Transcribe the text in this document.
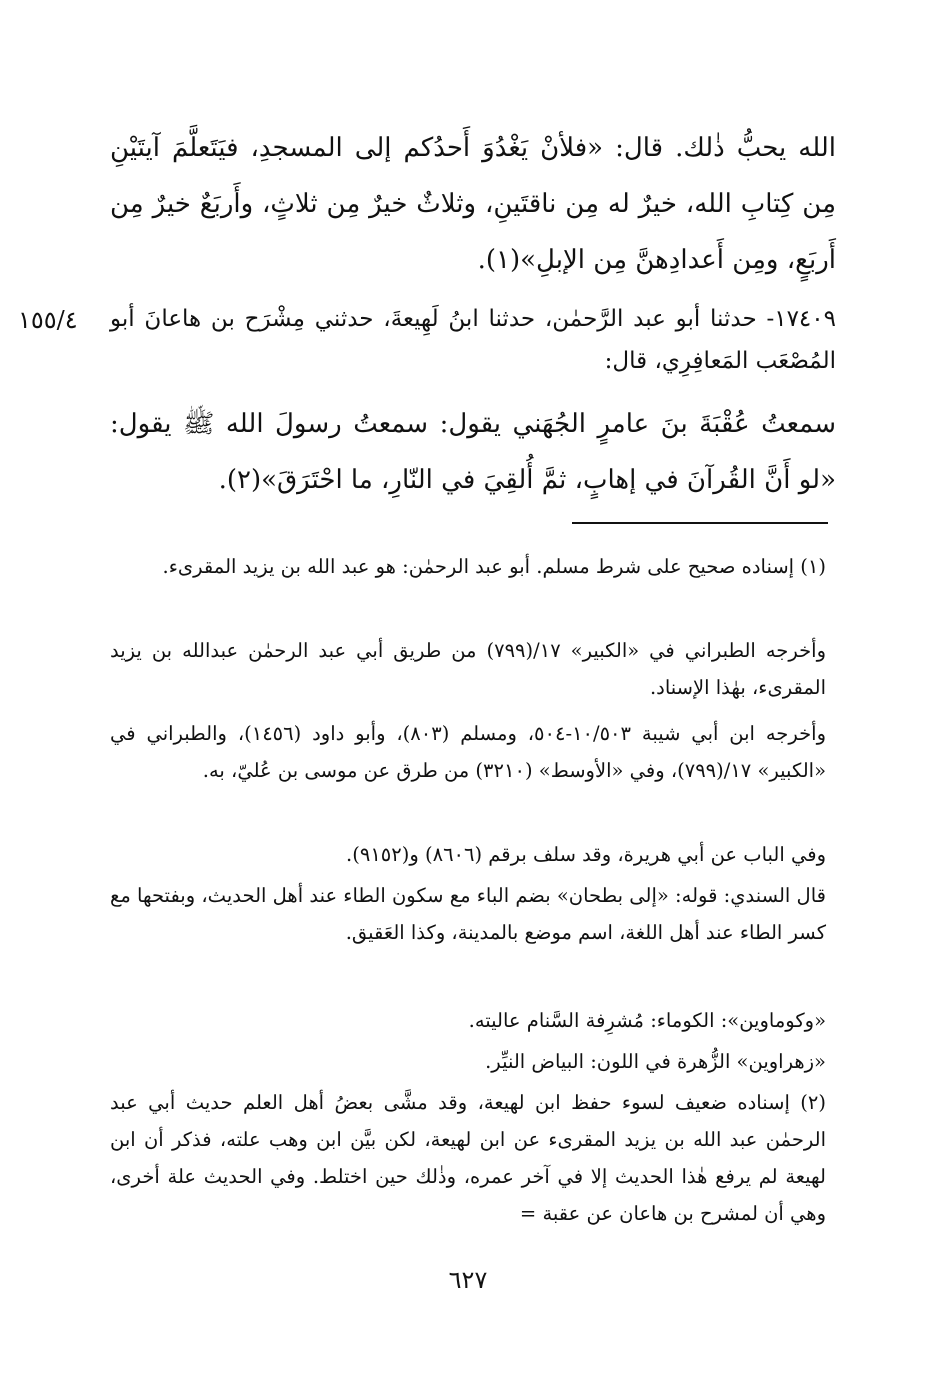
الله يحبُّ ذٰلك. قال: «فلأنْ يَغْدُوَ أَحدُكم إلى المسجدِ، فيَتَعلَّمَ آيتَيْنِ مِن كِتابِ الله، خيرٌ له مِن ناقتَينِ، وثلاثٌ خيرٌ مِن ثلاثٍ، وأَربَعٌ خيرٌ مِن أَربَعٍ، ومِن أَعدادِهنَّ مِن الإبلِ»(١).

١٥٥/٤	١٧٤٠٩- حدثنا أبو عبد الرَّحمٰن، حدثنا ابنُ لَهِيعةَ، حدثني مِشْرَح بن هاعانَ أبو المُصْعَب المَعافِرِي، قال:

سمعتُ عُقْبَةَ بنَ عامرٍ الجُهَني يقول: سمعتُ رسولَ الله ﷺ يقول: «لو أَنَّ القُرآنَ في إهابٍ، ثمَّ أُلقِيَ في النّارِ، ما احْتَرَقَ»(٢).

(١) إسناده صحيح على شرط مسلم. أبو عبد الرحمٰن: هو عبد الله بن يزيد المقرىء.

وأخرجه الطبراني في «الكبير» ١٧/(٧٩٩) من طريق أبي عبد الرحمٰن عبدالله بن يزيد المقرىء، بهٰذا الإسناد.

وأخرجه ابن أبي شيبة ١٠/٥٠٣-٥٠٤، ومسلم (٨٠٣)، وأبو داود (١٤٥٦)، والطبراني في «الكبير» ١٧/(٧٩٩)، وفي «الأوسط» (٣٢١٠) من طرق عن موسى بن عُليّ، به.

وفي الباب عن أبي هريرة، وقد سلف برقم (٨٦٠٦) و(٩١٥٢).

قال السندي: قوله: «إلى بطحان» بضم الباء مع سكون الطاء عند أهل الحديث، وبفتحها مع كسر الطاء عند أهل اللغة، اسم موضع بالمدينة، وكذا العَقيق.

«وكوماوين»: الكوماء: مُشرِفة السَّنام عاليته.

«زهراوين» الزُّهرة في اللون: البياض النيِّر.

(٢) إسناده ضعيف لسوء حفظ ابن لهيعة، وقد مشَّى بعضُ أهل العلم حديث أبي عبد الرحمٰن عبد الله بن يزيد المقرىء عن ابن لهيعة، لكن بيَّن ابن وهب علته، فذكر أن ابن لهيعة لم يرفع هٰذا الحديث إلا في آخر عمره، وذٰلك حين اختلط. وفي الحديث علة أخرى، وهي أن لمشرح بن هاعان عن عقبة =

٦٢٧
